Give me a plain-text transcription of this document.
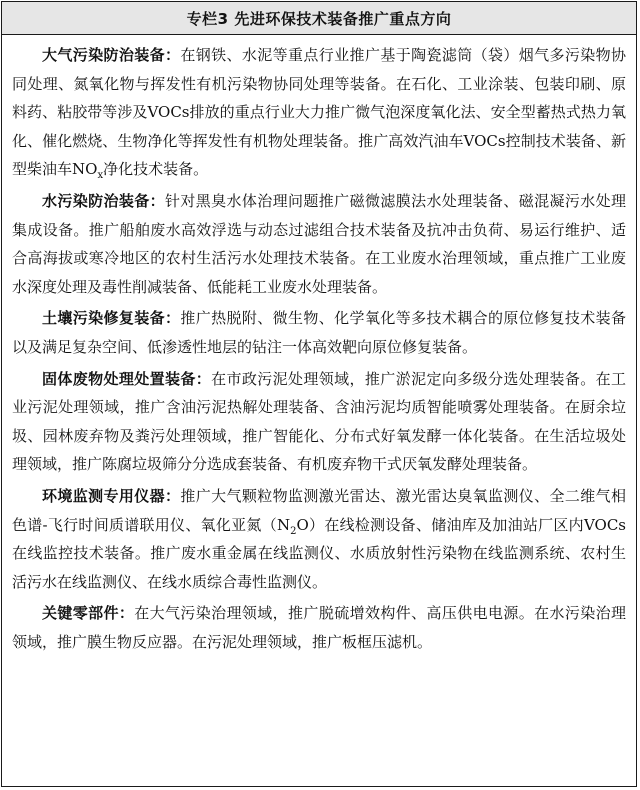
专栏3 先进环保技术装备推广重点方向

大气污染防治装备：在钢铁、水泥等重点行业推广基于陶瓷滤筒（袋）烟气多污染物协同处理、氮氧化物与挥发性有机污染物协同处理等装备。在石化、工业涂装、包装印刷、原料药、粘胶带等涉及VOCs排放的重点行业大力推广微气泡深度氧化法、安全型蓄热式热力氧化、催化燃烧、生物净化等挥发性有机物处理装备。推广高效汽油车VOCs控制技术装备、新型柴油车$NO_x$净化技术装备。

水污染防治装备：针对黑臭水体治理问题推广磁微滤膜法水处理装备、磁混凝污水处理集成设备。推广船舶废水高效浮选与动态过滤组合技术装备及抗冲击负荷、易运行维护、适合高海拔或寒冷地区的农村生活污水处理技术装备。在工业废水治理领域，重点推广工业废水深度处理及毒性削减装备、低能耗工业废水处理装备。

土壤污染修复装备：推广热脱附、微生物、化学氧化等多技术耦合的原位修复技术装备以及满足复杂空间、低渗透性地层的钻注一体高效靶向原位修复装备。

固体废物处理处置装备：在市政污泥处理领域，推广淤泥定向多级分选处理装备。在工业污泥处理领域，推广含油污泥热解处理装备、含油污泥均质智能喷雾处理装备。在厨余垃圾、园林废弃物及粪污处理领域，推广智能化、分布式好氧发酵一体化装备。在生活垃圾处理领域，推广陈腐垃圾筛分分选成套装备、有机废弃物干式厌氧发酵处理装备。

环境监测专用仪器：推广大气颗粒物监测激光雷达、激光雷达臭氧监测仪、全二维气相色谱-飞行时间质谱联用仪、氧化亚氮$(N_2O)$在线检测设备、储油库及加油站厂区内VOCs在线监控技术装备。推广废水重金属在线监测仪、水质放射性污染物在线监测系统、农村生活污水在线监测仪、在线水质综合毒性监测仪。

关键零部件：在大气污染治理领域，推广脱硫增效构件、高压供电电源。在水污染治理领域，推广膜生物反应器。在污泥处理领域，推广板框压滤机。
